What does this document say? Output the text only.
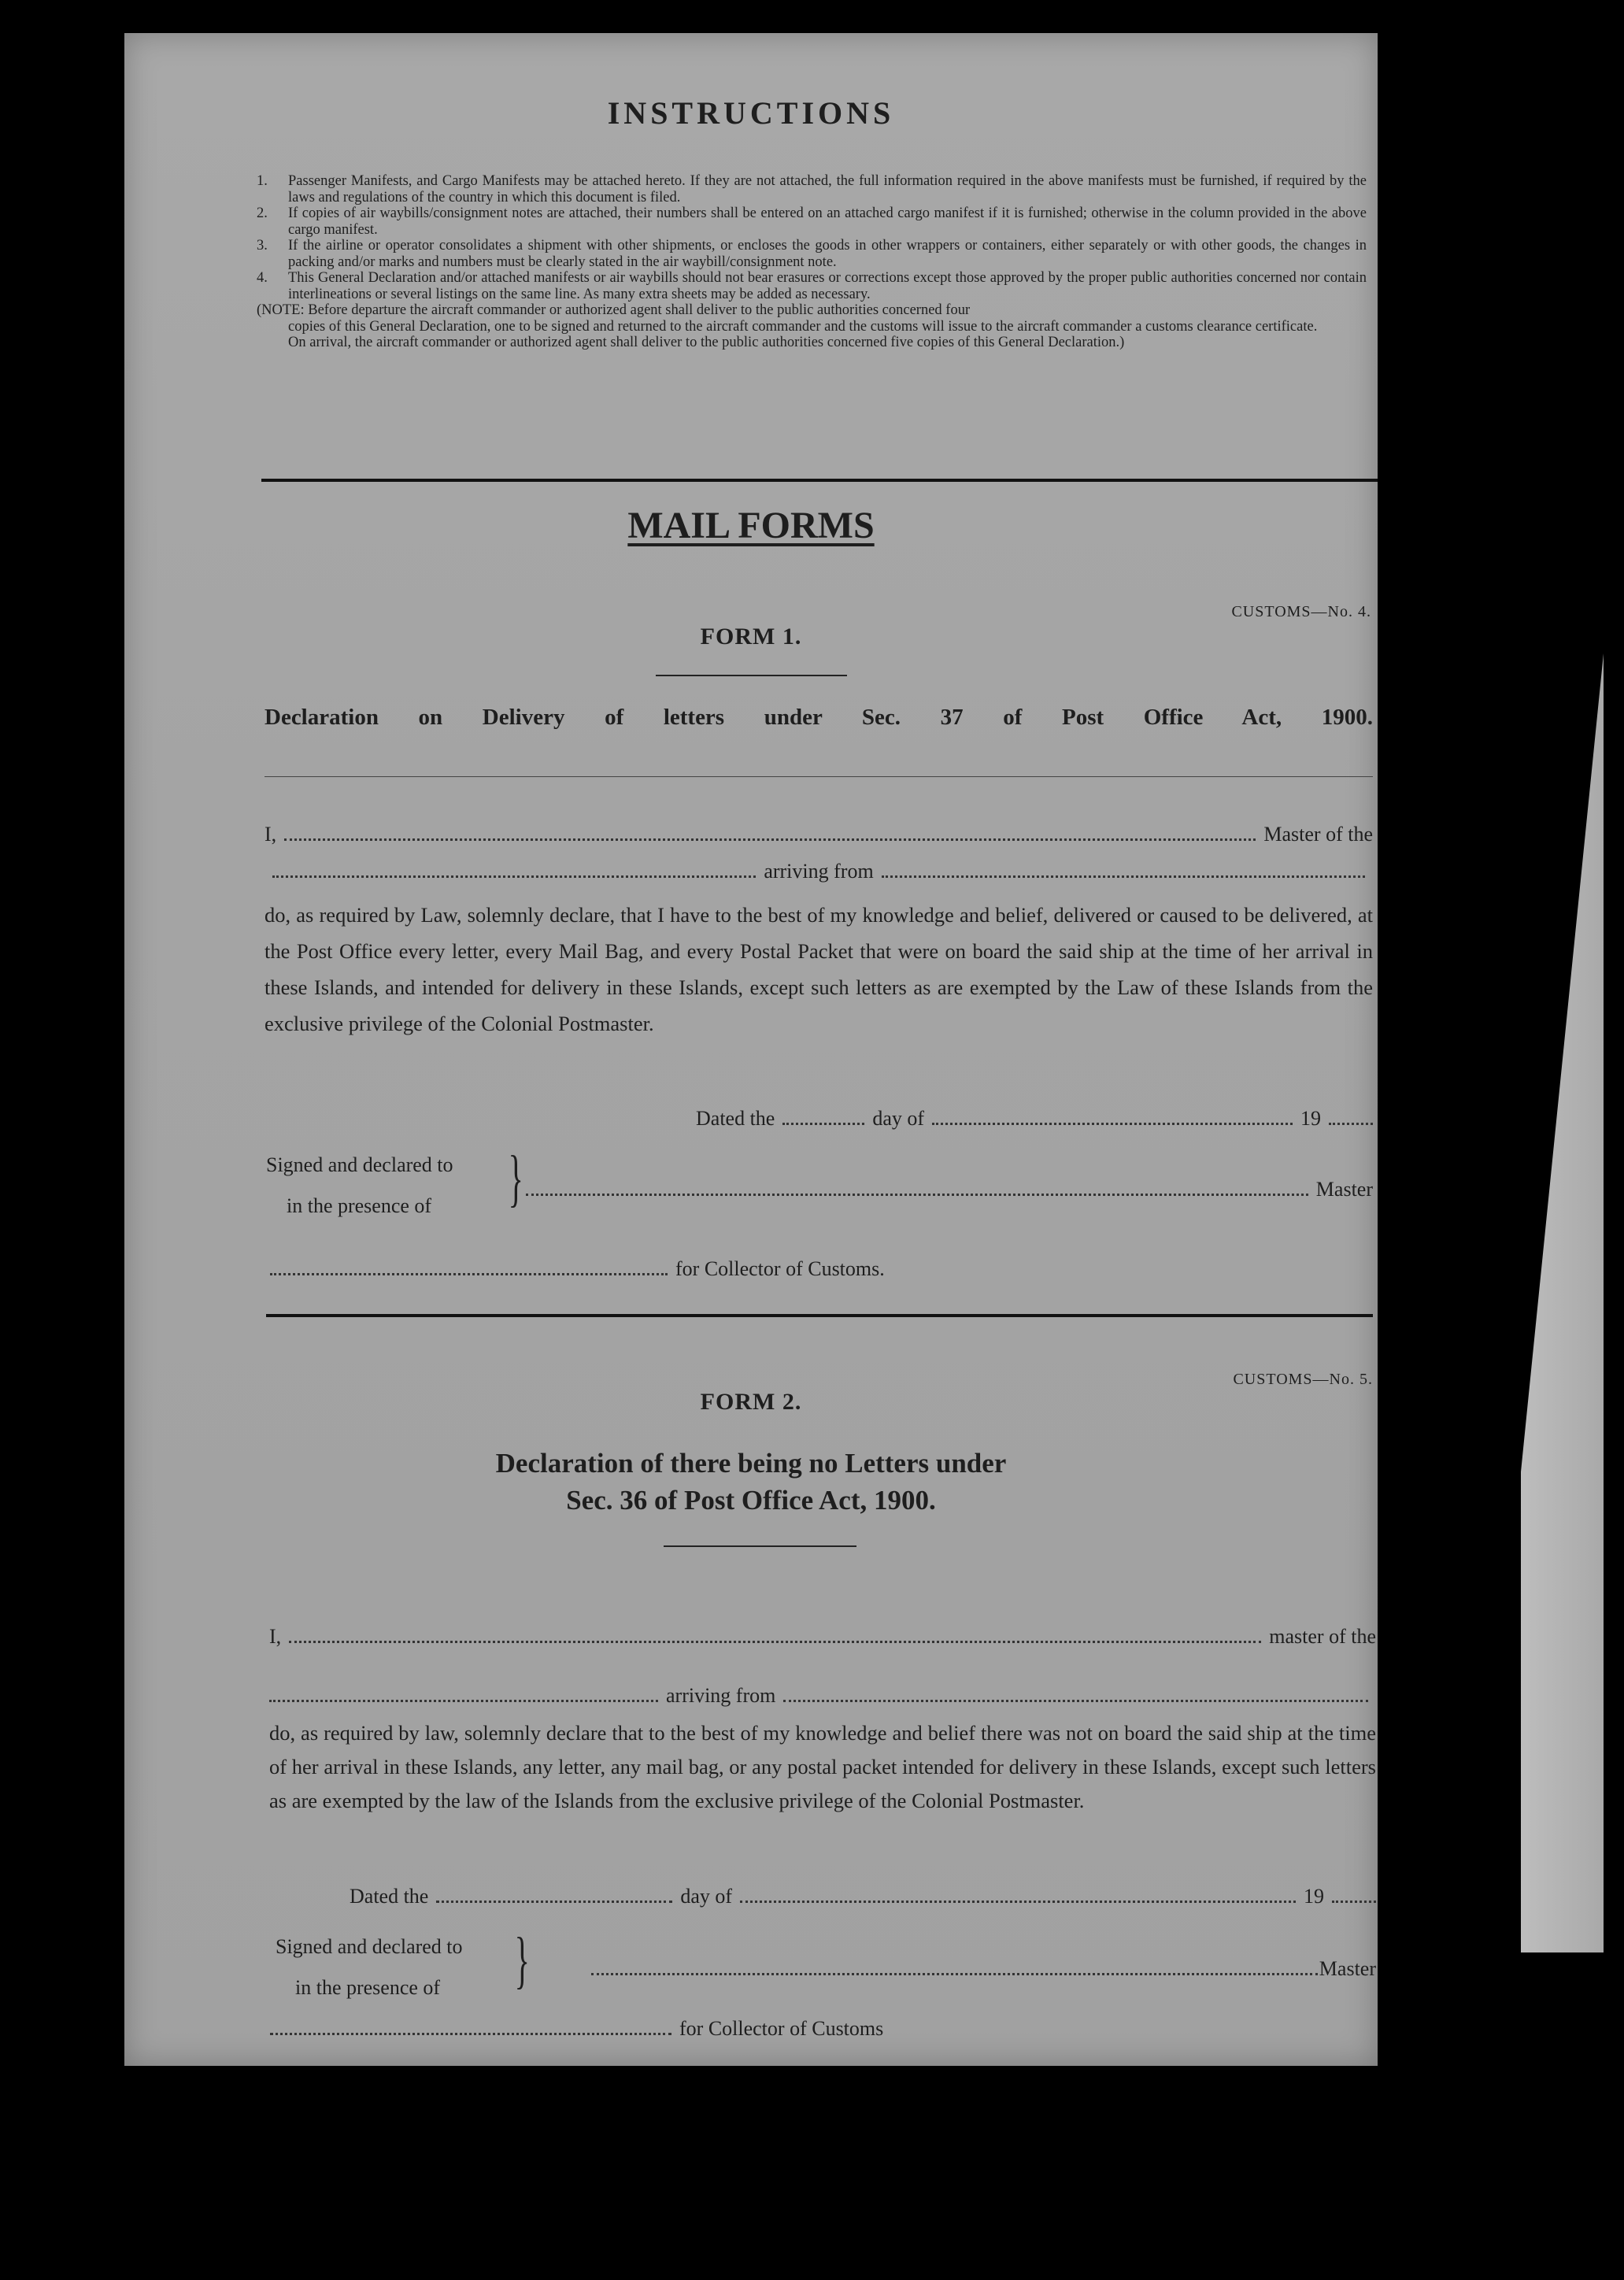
INSTRUCTIONS
1.	Passenger Manifests, and Cargo Manifests may be attached hereto. If they are not attached, the full information required in the above manifests must be furnished, if required by the laws and regulations of the country in which this document is filed.
2.	If copies of air waybills/consignment notes are attached, their numbers shall be entered on an attached cargo manifest if it is furnished; otherwise in the column provided in the above cargo manifest.
3.	If the airline or operator consolidates a shipment with other shipments, or encloses the goods in other wrappers or containers, either separately or with other goods, the changes in packing and/or marks and numbers must be clearly stated in the air waybill/consignment note.
4.	This General Declaration and/or attached manifests or air waybills should not bear erasures or corrections except those approved by the proper public authorities concerned nor contain interlineations or several listings on the same line. As many extra sheets may be added as necessary.
(NOTE: Before departure the aircraft commander or authorized agent shall deliver to the public authorities concerned four
copies of this General Declaration, one to be signed and returned to the aircraft commander and the customs will issue to the aircraft commander a customs clearance certificate.
On arrival, the aircraft commander or authorized agent shall deliver to the public authorities concerned five copies of this General Declaration.)
MAIL FORMS
CUSTOMS—No. 4.
FORM 1.
Declaration on Delivery of letters under Sec. 37 of Post Office Act, 1900.
I,	Master of the
arriving from
do, as required by Law, solemnly declare, that I have to the best of my knowledge and belief, delivered or caused to be delivered, at the Post Office every letter, every Mail Bag, and every Postal Packet that were on board the said ship at the time of her arrival in these Islands, and intended for delivery in these Islands, except such letters as are exempted by the Law of these Islands from the exclusive privilege of the Colonial Postmaster.
Dated the	day of	19
Signed and declared to
in the presence of }	Master
for Collector of Customs.
CUSTOMS—No. 5.
FORM 2.
Declaration of there being no Letters under
Sec. 36 of Post Office Act, 1900.
I,	master of the
arriving from
do, as required by law, solemnly declare that to the best of my knowledge and belief there was not on board the said ship at the time of her arrival in these Islands, any letter, any mail bag, or any postal packet intended for delivery in these Islands, except such letters as are exempted by the law of the Islands from the exclusive privilege of the Colonial Postmaster.
Dated the	day of	19
Signed and declared to
in the presence of }	Master
for Collector of Customs
